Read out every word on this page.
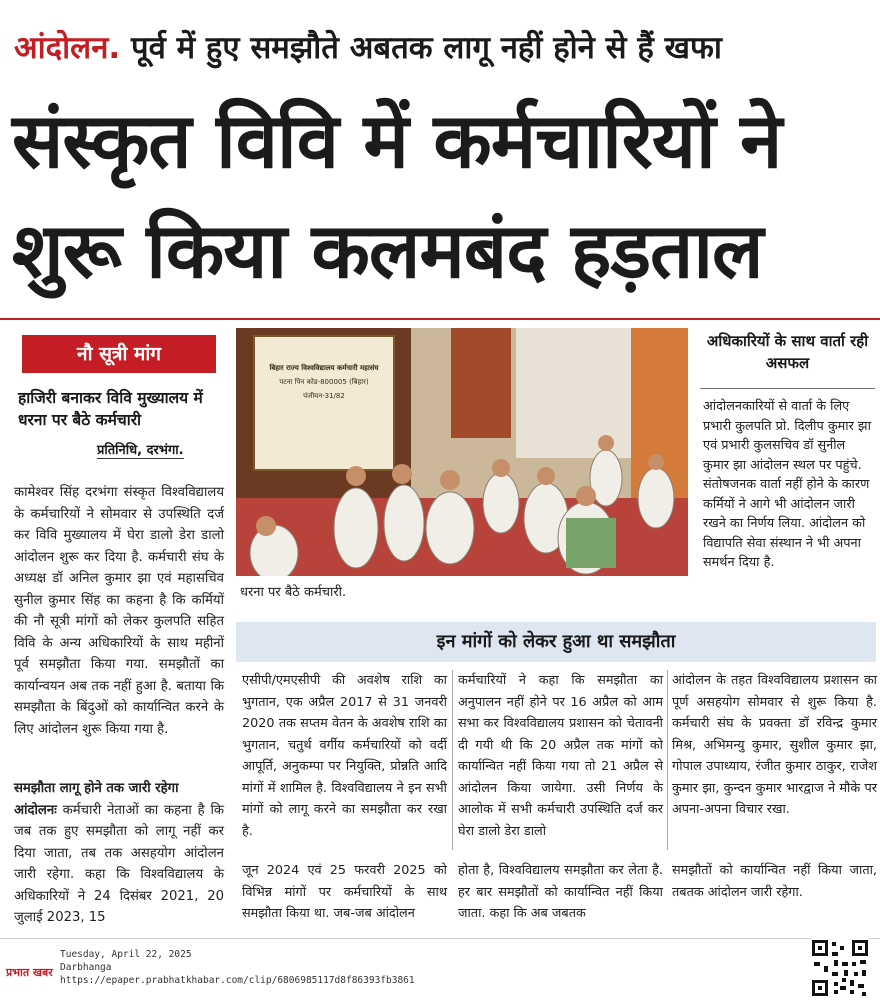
आंदोलन. पूर्व में हुए समझौते अबतक लागू नहीं होने से हैं खफा
संस्कृत विवि में कर्मचारियों ने
शुरू किया कलमबंद हड़ताल
नौ सूत्री मांग
हाजिरी बनाकर विवि मुख्यालय में धरना पर बैठे कर्मचारी
प्रतिनिधि, दरभंगा.
कामेश्वर सिंह दरभंगा संस्कृत विश्वविद्यालय के कर्मचारियों ने सोमवार से उपस्थिति दर्ज कर विवि मुख्यालय में घेरा डालो डेरा डालो आंदोलन शुरू कर दिया है. कर्मचारी संघ के अध्यक्ष डॉ अनिल कुमार झा एवं महासचिव सुनील कुमार सिंह का कहना है कि कर्मियों की नौ सूत्री मांगों को लेकर कुलपति सहित विवि के अन्य अधिकारियों के साथ महीनों पूर्व समझौता किया गया. समझौतों का कार्यान्वयन अब तक नहीं हुआ है. बताया कि समझौता के बिंदुओं को कार्यान्वित करने के लिए आंदोलन शुरू किया गया है.
समझौता लागू होने तक जारी रहेगा
आंदोलनः कर्मचारी नेताओं का कहना है कि जब तक हुए समझौता को लागू नहीं कर दिया जाता, तब तक असहयोग आंदोलन जारी रहेगा. कहा कि विश्वविद्यालय के अधिकारियों ने 24 दिसंबर 2021, 20 जुलाई 2023, 15
बिहार राज्य विश्वविद्यालय कर्मचारी महासंघ
पटना पिन कोड-800005 (बिहार)
पंजीयन-31/82
धरना पर बैठे कर्मचारी.
अधिकारियों के साथ वार्ता रही असफल
आंदोलनकारियों से वार्ता के लिए प्रभारी कुलपति प्रो. दिलीप कुमार झा एवं प्रभारी कुलसचिव डॉ सुनील कुमार झा आंदोलन स्थल पर पहुंचे. संतोषजनक वार्ता नहीं होने के कारण कर्मियों ने आगे भी आंदोलन जारी रखने का निर्णय लिया. आंदोलन को विद्यापति सेवा संस्थान ने भी अपना समर्थन दिया है.
इन मांगों को लेकर हुआ था समझौता
एसीपी/एमएसीपी की अवशेष राशि का भुगतान, एक अप्रैल 2017 से 31 जनवरी 2020 तक सप्तम वेतन के अवशेष राशि का भुगतान, चतुर्थ वर्गीय कर्मचारियों को वर्दी आपूर्ति, अनुकम्पा पर नियुक्ति, प्रोन्नति आदि मांगों में शामिल है. विश्वविद्यालय ने इन सभी मांगों को लागू करने का समझौता कर रखा है.
कर्मचारियों ने कहा कि समझौता का अनुपालन नहीं होने पर 16 अप्रैल को आम सभा कर विश्वविद्यालय प्रशासन को चेतावनी दी गयी थी कि 20 अप्रैल तक मांगों को कार्यान्वित नहीं किया गया तो 21 अप्रैल से आंदोलन किया जायेगा. उसी निर्णय के आलोक में सभी कर्मचारी उपस्थिति दर्ज कर घेरा डालो डेरा डालो
आंदोलन के तहत विश्वविद्यालय प्रशासन का पूर्ण असहयोग सोमवार से शुरू किया है. कर्मचारी संघ के प्रवक्ता डॉ रविन्द्र कुमार मिश्र, अभिमन्यु कुमार, सुशील कुमार झा, गोपाल उपाध्याय, रंजीत कुमार ठाकुर, राजेश कुमार झा, कुन्दन कुमार भारद्वाज ने मौके पर अपना-अपना विचार रखा.
जून 2024 एवं 25 फरवरी 2025 को विभिन्न मांगों पर कर्मचारियों के साथ समझौता किया था. जब-जब आंदोलन
होता है, विश्वविद्यालय समझौता कर लेता है. हर बार समझौतों को कार्यान्वित नहीं किया जाता. कहा कि अब जबतक
समझौतों को कार्यान्वित नहीं किया जाता, तबतक आंदोलन जारी रहेगा.
प्रभात खबर
Tuesday, April 22, 2025
Darbhanga
https://epaper.prabhatkhabar.com/clip/6806985117d8f86393fb3861
